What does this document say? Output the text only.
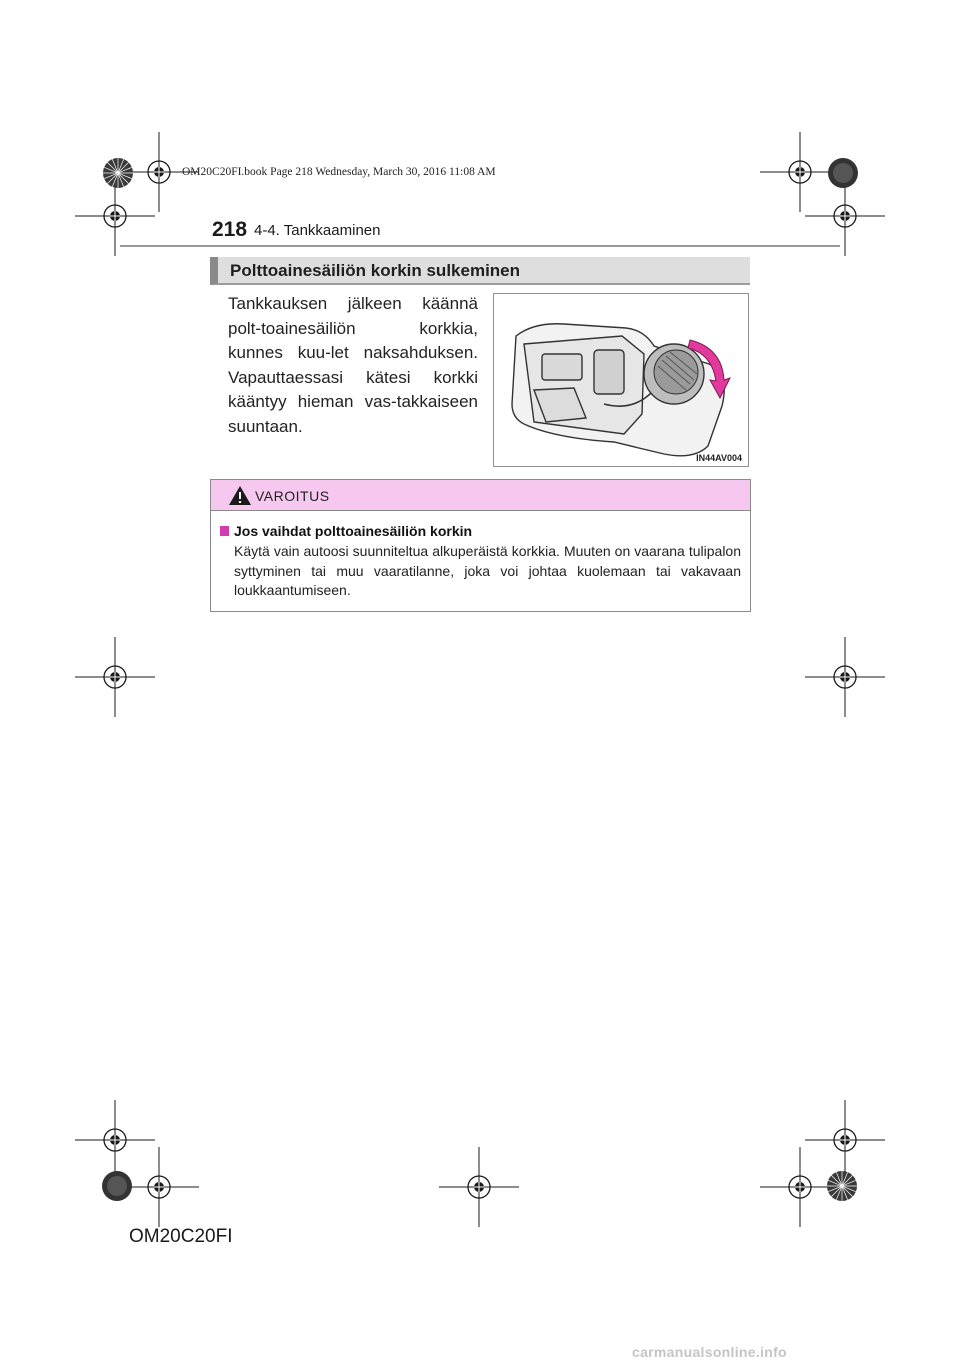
OM20C20FI.book Page 218 Wednesday, March 30, 2016 11:08 AM
218 4-4. Tankkaaminen
Polttoainesäiliön korkin sulkeminen
Tankkauksen jälkeen käännä polt-toainesäiliön korkkia, kunnes kuu-let naksahduksen. Vapauttaessasi kätesi korkki kääntyy hieman vas-takkaiseen suuntaan.
IN44AV004
VAROITUS
Jos vaihdat polttoainesäiliön korkin
Käytä vain autoosi suunniteltua alkuperäistä korkkia. Muuten on vaarana tulipalon syttyminen tai muu vaaratilanne, joka voi johtaa kuolemaan tai vakavaan loukkaantumiseen.
OM20C20FI
carmanualsonline.info
